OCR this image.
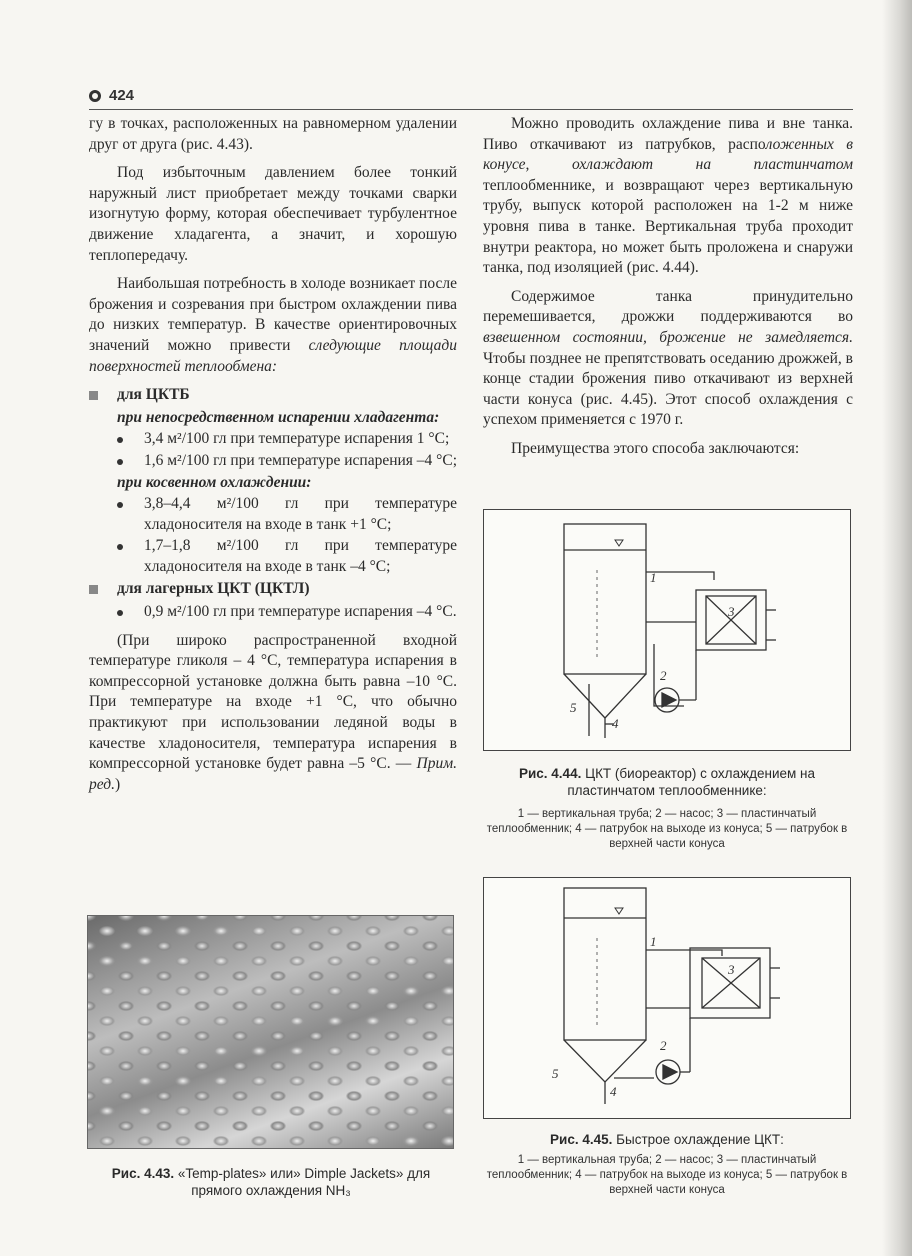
424

гу в точках, расположенных на равномерном удалении друг от друга (рис. 4.43).

Под избыточным давлением более тонкий наружный лист приобретает между точками сварки изогнутую форму, которая обеспечивает турбулентное движение хладагента, а значит, и хорошую теплопередачу.

Наибольшая потребность в холоде возникает после брожения и созревания при быстром охлаждении пива до низких температур. В качестве ориентировочных значений можно привести следующие площади поверхностей теплообмена:

для ЦКТБ
при непосредственном испарении хладагента:
3,4 м²/100 гл при температуре испарения 1 °C;
1,6 м²/100 гл при температуре испарения –4 °C;
при косвенном охлаждении:
3,8–4,4 м²/100 гл при температуре хладоносителя на входе в танк +1 °C;
1,7–1,8 м²/100 гл при температуре хладоносителя на входе в танк –4 °C;
для лагерных ЦКТ (ЦКТЛ)
0,9 м²/100 гл при температуре испарения –4 °C.

(При широко распространенной входной температуре гликоля – 4 °C, температура испарения в компрессорной установке должна быть равна –10 °C. При температуре на входе +1 °C, что обычно практикуют при использовании ледяной воды в качестве хладоносителя, температура испарения в компрессорной установке будет равна –5 °C. — Прим. ред.)

Можно проводить охлаждение пива и вне танка. Пиво откачивают из патрубков, расположенных в конусе, охлаждают на пластинчатом теплообменнике, и возвращают через вертикальную трубу, выпуск которой расположен на 1-2 м ниже уровня пива в танке. Вертикальная труба проходит внутри реактора, но может быть проложена и снаружи танка, под изоляцией (рис. 4.44).

Содержимое танка принудительно перемешивается, дрожжи поддерживаются во взвешенном состоянии, брожение не замедляется. Чтобы позднее не препятствовать оседанию дрожжей, в конце стадии брожения пиво откачивают из верхней части конуса (рис. 4.45). Этот способ охлаждения с успехом применяется с 1970 г.

Преимущества этого способа заключаются:

1
2
3
4
5
Рис. 4.44. ЦКТ (биореактор) с охлаждением на пластинчатом теплообменнике:
1 — вертикальная труба; 2 — насос; 3 — пластинчатый теплообменник; 4 — патрубок на выходе из конуса; 5 — патрубок в верхней части конуса
1
2
3
4
5
Рис. 4.45. Быстрое охлаждение ЦКТ:
1 — вертикальная труба; 2 — насос; 3 — пластинчатый теплообменник; 4 — патрубок на выходе из конуса; 5 — патрубок в верхней части конуса
Рис. 4.43. «Temp-plates» или» Dimple Jackets» для прямого охлаждения NH₃
